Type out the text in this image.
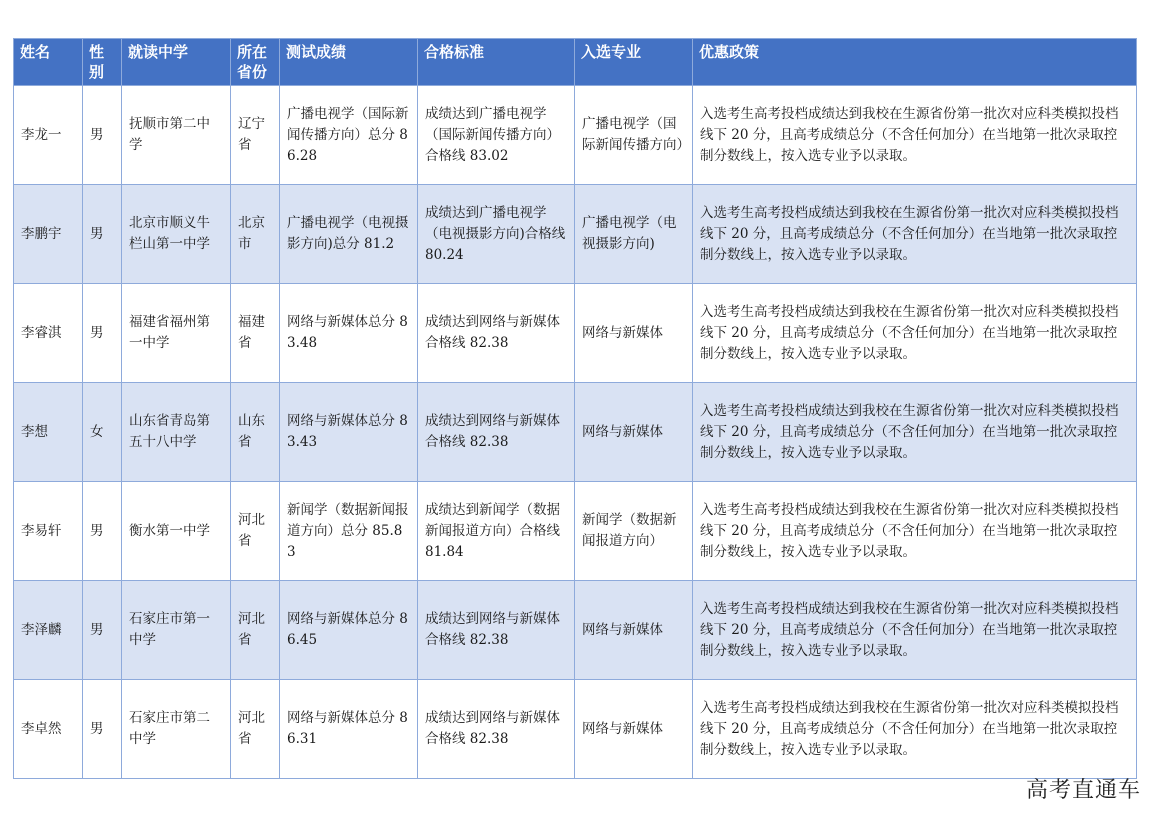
姓名	性别	就读中学	所在省份	测试成绩	合格标准	入选专业	优惠政策
李龙一	男	抚顺市第二中学	辽宁省	广播电视学（国际新闻传播方向）总分 86.28	成绩达到广播电视学（国际新闻传播方向）合格线 83.02	广播电视学（国际新闻传播方向）	入选考生高考投档成绩达到我校在生源省份第一批次对应科类模拟投档线下 20 分，且高考成绩总分（不含任何加分）在当地第一批次录取控制分数线上，按入选专业予以录取。
李鹏宇	男	北京市顺义牛栏山第一中学	北京市	广播电视学（电视摄影方向)总分 81.2	成绩达到广播电视学（电视摄影方向)合格线 80.24	广播电视学（电视摄影方向)	入选考生高考投档成绩达到我校在生源省份第一批次对应科类模拟投档线下 20 分，且高考成绩总分（不含任何加分）在当地第一批次录取控制分数线上，按入选专业予以录取。
李睿淇	男	福建省福州第一中学	福建省	网络与新媒体总分 83.48	成绩达到网络与新媒体合格线 82.38	网络与新媒体	入选考生高考投档成绩达到我校在生源省份第一批次对应科类模拟投档线下 20 分，且高考成绩总分（不含任何加分）在当地第一批次录取控制分数线上，按入选专业予以录取。
李想	女	山东省青岛第五十八中学	山东省	网络与新媒体总分 83.43	成绩达到网络与新媒体合格线 82.38	网络与新媒体	入选考生高考投档成绩达到我校在生源省份第一批次对应科类模拟投档线下 20 分，且高考成绩总分（不含任何加分）在当地第一批次录取控制分数线上，按入选专业予以录取。
李易轩	男	衡水第一中学	河北省	新闻学（数据新闻报道方向）总分 85.83	成绩达到新闻学（数据新闻报道方向）合格线 81.84	新闻学（数据新闻报道方向）	入选考生高考投档成绩达到我校在生源省份第一批次对应科类模拟投档线下 20 分，且高考成绩总分（不含任何加分）在当地第一批次录取控制分数线上，按入选专业予以录取。
李泽麟	男	石家庄市第一中学	河北省	网络与新媒体总分 86.45	成绩达到网络与新媒体合格线 82.38	网络与新媒体	入选考生高考投档成绩达到我校在生源省份第一批次对应科类模拟投档线下 20 分，且高考成绩总分（不含任何加分）在当地第一批次录取控制分数线上，按入选专业予以录取。
李卓然	男	石家庄市第二中学	河北省	网络与新媒体总分 86.31	成绩达到网络与新媒体合格线 82.38	网络与新媒体	入选考生高考投档成绩达到我校在生源省份第一批次对应科类模拟投档线下 20 分，且高考成绩总分（不含任何加分）在当地第一批次录取控制分数线上，按入选专业予以录取。
高考直通车
